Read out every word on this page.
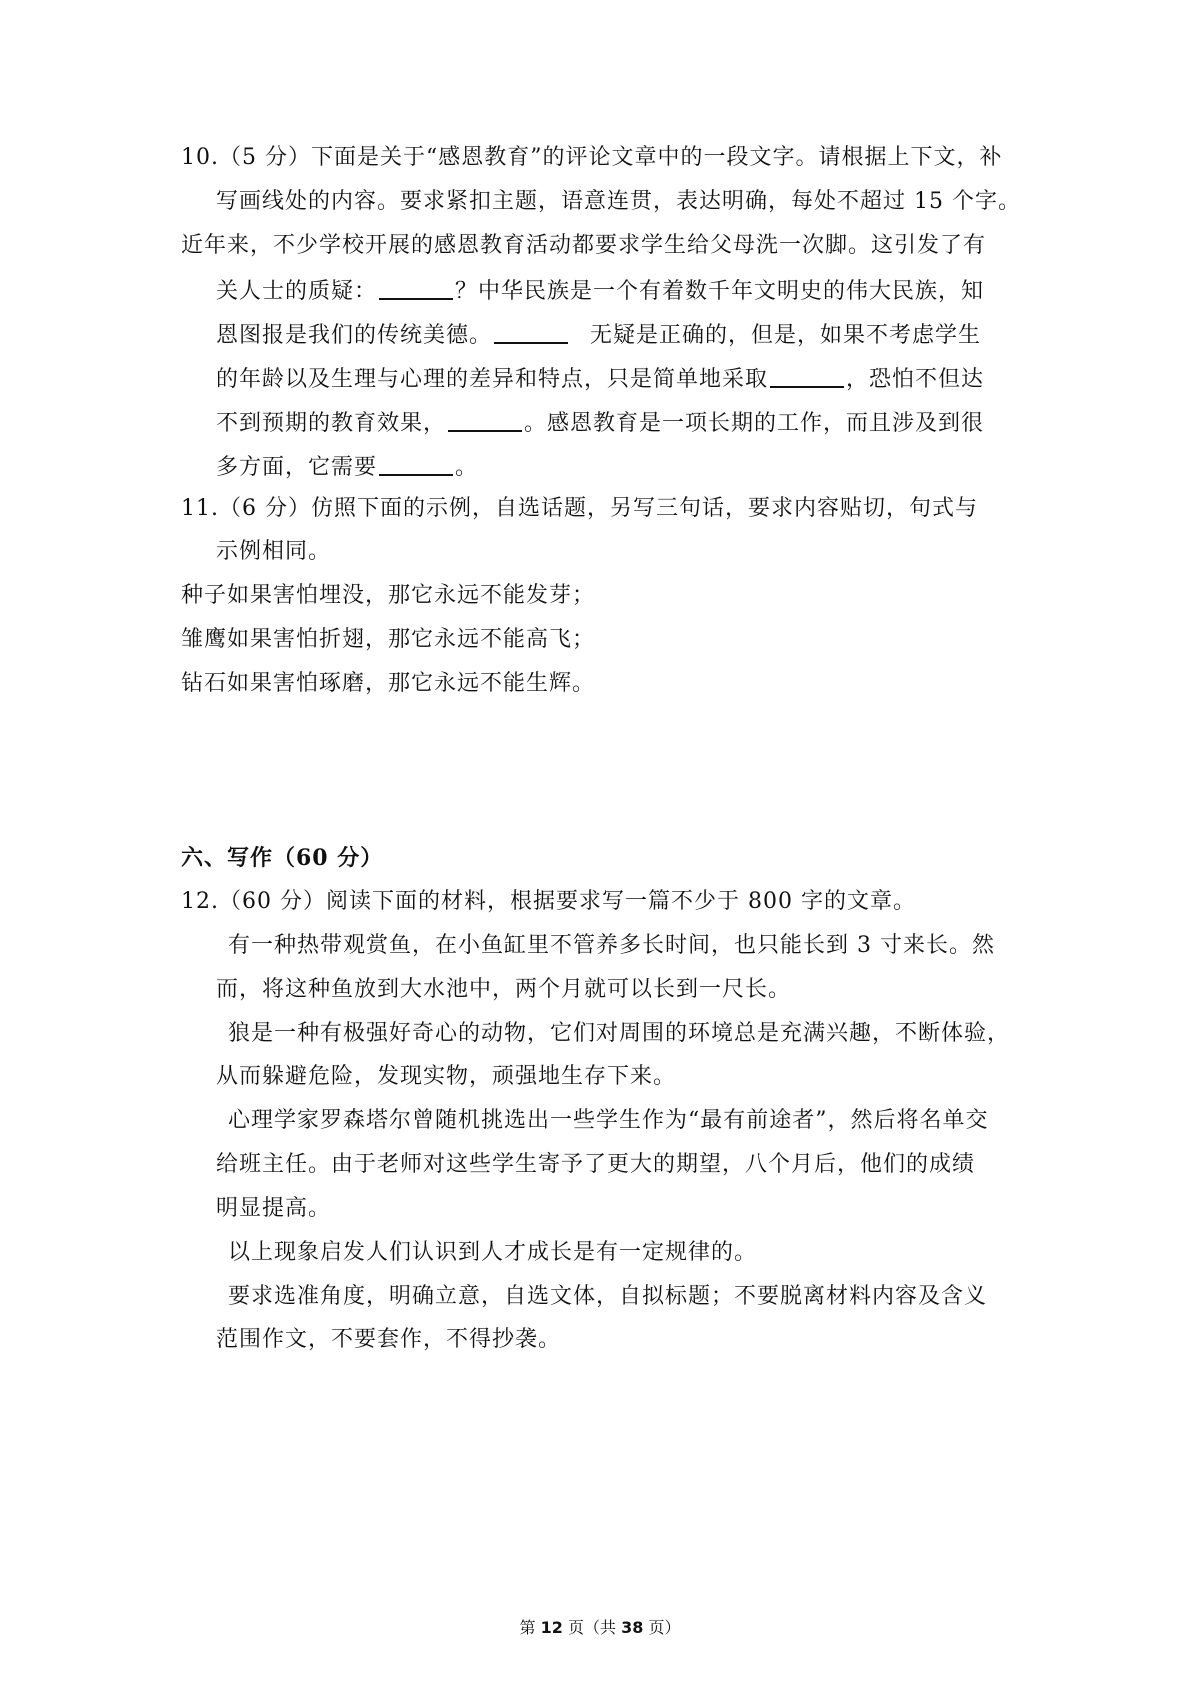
10.（5 分）下面是关于“感恩教育”的评论文章中的一段文字。请根据上下文，补
写画线处的内容。要求紧扣主题，语意连贯，表达明确，每处不超过 15 个字。
近年来，不少学校开展的感恩教育活动都要求学生给父母洗一次脚。这引发了有
关人士的质疑：	？中华民族是一个有着数千年文明史的伟大民族，知
恩图报是我们的传统美德。	无疑是正确的，但是，如果不考虑学生
的年龄以及生理与心理的差异和特点，只是简单地采取	，恐怕不但达
不到预期的教育效果，	。感恩教育是一项长期的工作，而且涉及到很
多方面，它需要	。
11.（6 分）仿照下面的示例，自选话题，另写三句话，要求内容贴切，句式与
示例相同。
种子如果害怕埋没，那它永远不能发芽；
雏鹰如果害怕折翅，那它永远不能高飞；
钻石如果害怕琢磨，那它永远不能生辉。
六、写作（60 分）
12.（60 分）阅读下面的材料，根据要求写一篇不少于 800 字的文章。
有一种热带观赏鱼，在小鱼缸里不管养多长时间，也只能长到 3 寸来长。然
而，将这种鱼放到大水池中，两个月就可以长到一尺长。
狼是一种有极强好奇心的动物，它们对周围的环境总是充满兴趣，不断体验，
从而躲避危险，发现实物，顽强地生存下来。
心理学家罗森塔尔曾随机挑选出一些学生作为“最有前途者”，然后将名单交
给班主任。由于老师对这些学生寄予了更大的期望，八个月后，他们的成绩
明显提高。
以上现象启发人们认识到人才成长是有一定规律的。
要求选准角度，明确立意，自选文体，自拟标题；不要脱离材料内容及含义
范围作文，不要套作，不得抄袭。
第 12 页（共 38 页）
